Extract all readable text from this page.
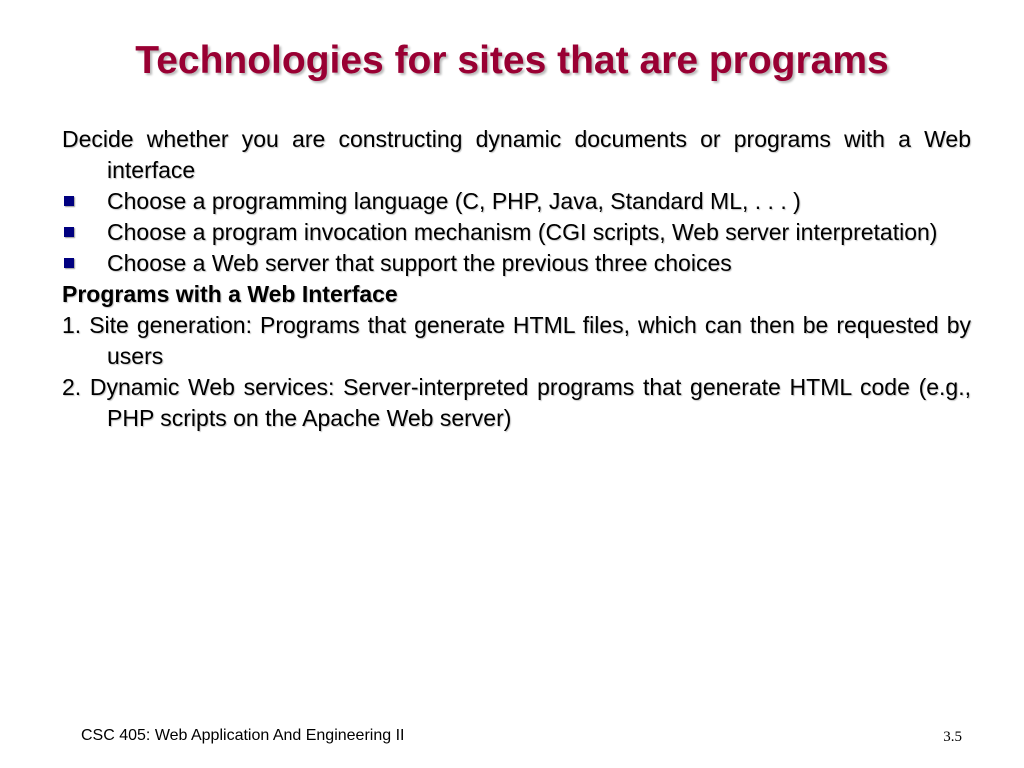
Technologies for sites that are programs
Decide whether you are constructing dynamic documents or programs with a Web interface
Choose a programming language (C, PHP, Java, Standard ML, . . . )
Choose a program invocation mechanism (CGI scripts, Web server interpretation)
Choose a Web server that support the previous three choices
Programs with a Web Interface
1. Site generation: Programs that generate HTML files, which can then be requested by users
2. Dynamic Web services: Server-interpreted programs that generate HTML code (e.g., PHP scripts on the Apache Web server)
CSC 405: Web Application And Engineering II	3.5
